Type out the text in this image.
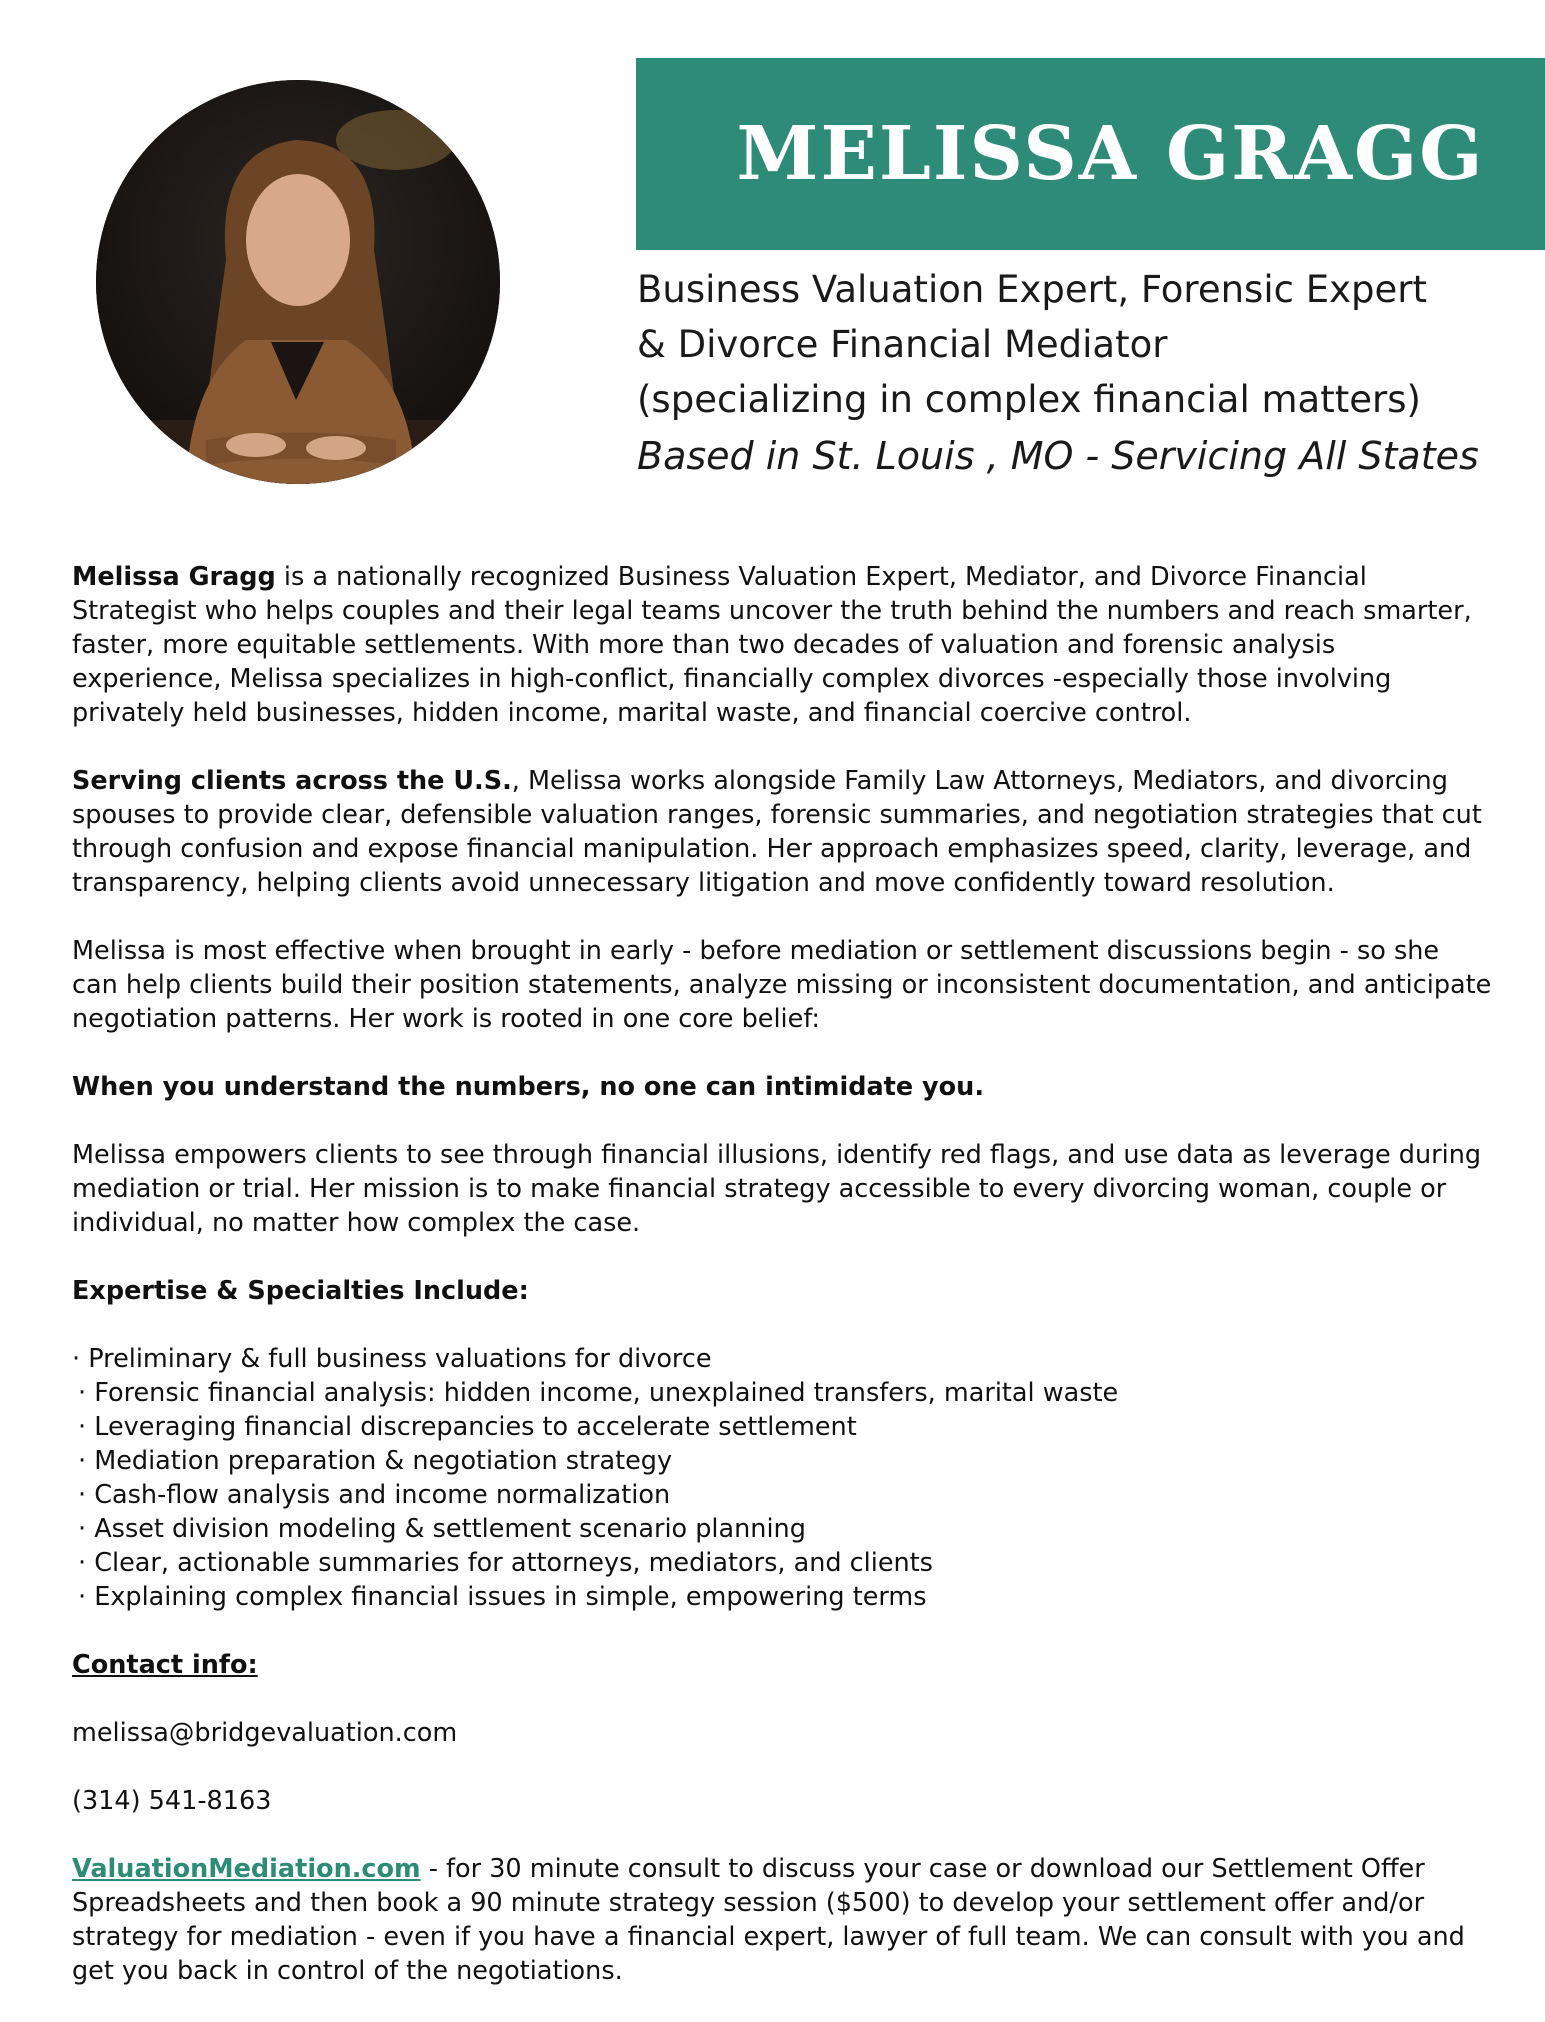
MELISSA GRAGG
Business Valuation Expert, Forensic Expert
& Divorce Financial Mediator
(specializing in complex financial matters)
Based in St. Louis , MO - Servicing All States

Melissa Gragg is a nationally recognized Business Valuation Expert, Mediator, and Divorce Financial Strategist who helps couples and their legal teams uncover the truth behind the numbers and reach smarter, faster, more equitable settlements. With more than two decades of valuation and forensic analysis experience, Melissa specializes in high-conflict, financially complex divorces -especially those involving privately held businesses, hidden income, marital waste, and financial coercive control.

Serving clients across the U.S., Melissa works alongside Family Law Attorneys, Mediators, and divorcing spouses to provide clear, defensible valuation ranges, forensic summaries, and negotiation strategies that cut through confusion and expose financial manipulation. Her approach emphasizes speed, clarity, leverage, and transparency, helping clients avoid unnecessary litigation and move confidently toward resolution.

Melissa is most effective when brought in early - before mediation or settlement discussions begin - so she can help clients build their position statements, analyze missing or inconsistent documentation, and anticipate negotiation patterns. Her work is rooted in one core belief:

When you understand the numbers, no one can intimidate you.

Melissa empowers clients to see through financial illusions, identify red flags, and use data as leverage during mediation or trial. Her mission is to make financial strategy accessible to every divorcing woman, couple or individual, no matter how complex the case.

Expertise & Specialties Include:

· Preliminary & full business valuations for divorce
· Forensic financial analysis: hidden income, unexplained transfers, marital waste
· Leveraging financial discrepancies to accelerate settlement
· Mediation preparation & negotiation strategy
· Cash-flow analysis and income normalization
· Asset division modeling & settlement scenario planning
· Clear, actionable summaries for attorneys, mediators, and clients
· Explaining complex financial issues in simple, empowering terms

Contact info:

melissa@bridgevaluation.com

(314) 541-8163

ValuationMediation.com - for 30 minute consult to discuss your case or download our Settlement Offer Spreadsheets and then book a 90 minute strategy session ($500) to develop your settlement offer and/or strategy for mediation - even if you have a financial expert, lawyer of full team. We can consult with you and get you back in control of the negotiations.
